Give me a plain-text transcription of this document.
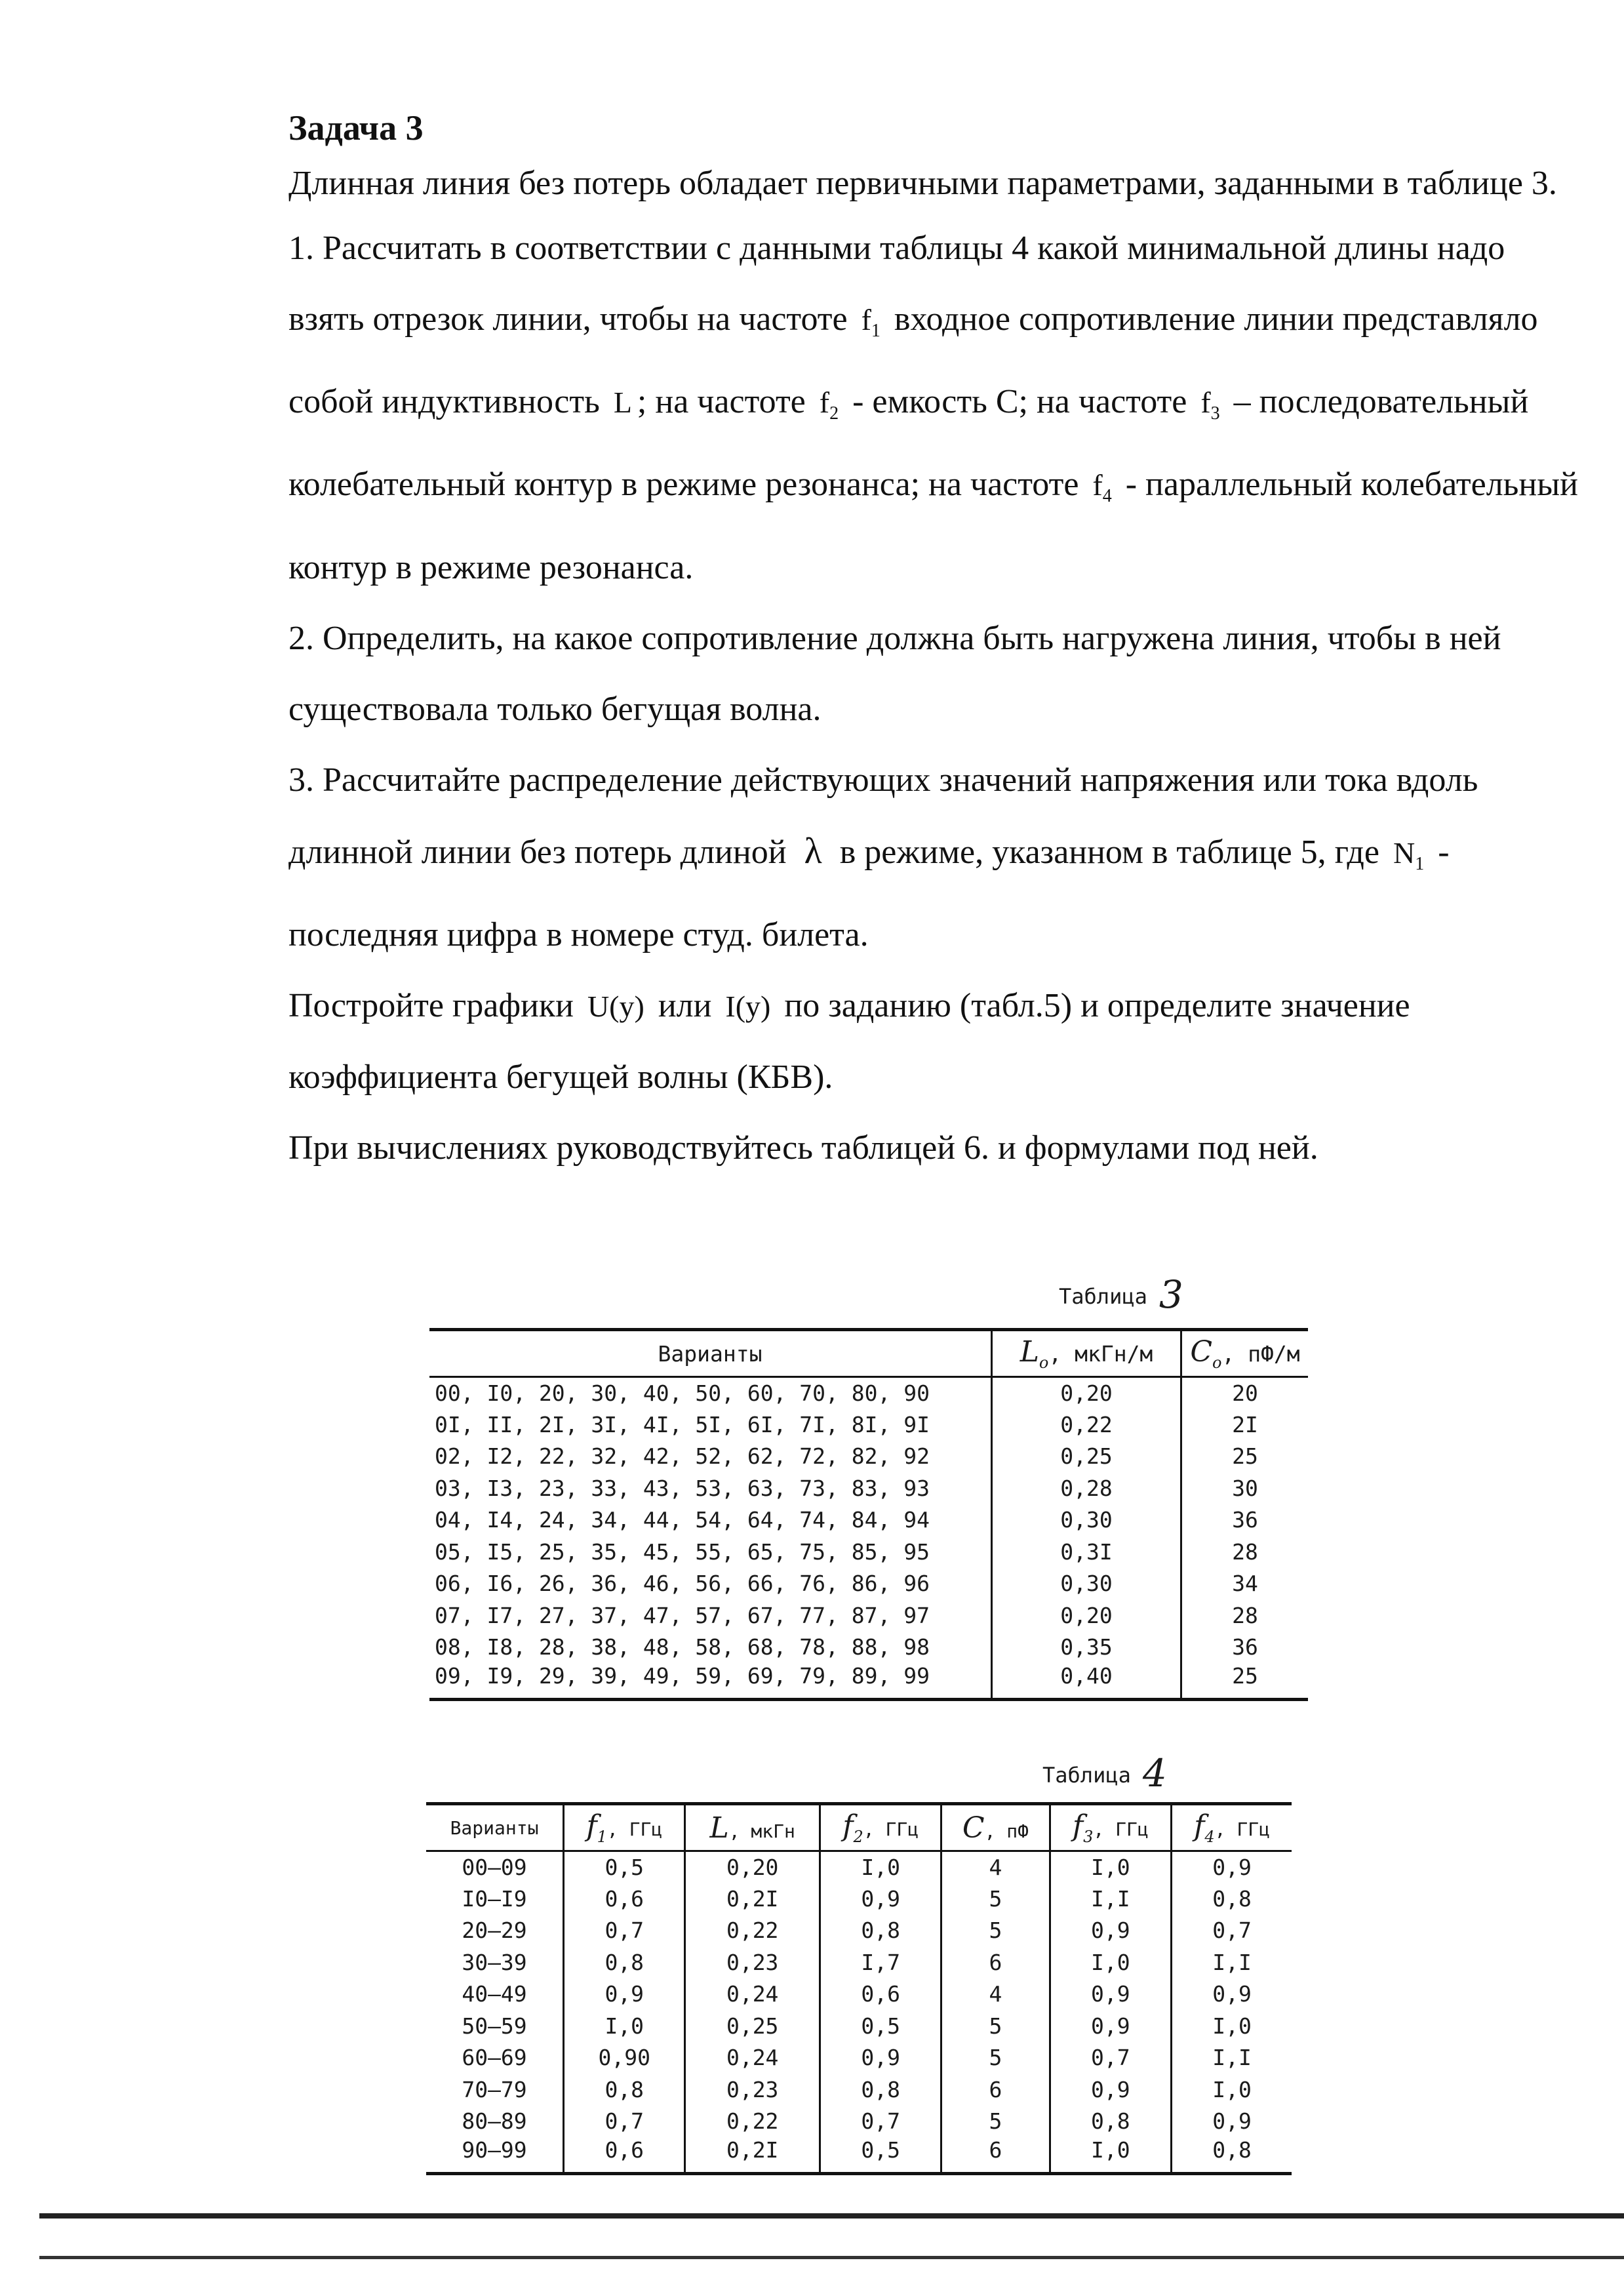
Задача 3

Длинная линия без потерь обладает первичными параметрами, заданными в таблице 3.

1. Рассчитать в соответствии с данными таблицы 4 какой минимальной длины надо взять отрезок линии, чтобы на частоте $f_1$ входное сопротивление линии представляло собой индуктивность L ; на частоте $f_2$ - емкость С; на частоте $f_3$ – последовательный колебательный контур в режиме резонанса; на частоте $f_4$ - параллельный колебательный контур в режиме резонанса.

2. Определить, на какое сопротивление должна быть нагружена линия, чтобы в ней существовала только бегущая волна.

3. Рассчитайте распределение действующих значений напряжения или тока вдоль длинной линии без потерь длиной λ в режиме, указанном в таблице 5, где $N_1$ - последняя цифра в номере студ. билета.

Постройте графики U(y) или I(y) по заданию (табл.5) и определите значение коэффициента бегущей волны (КБВ).

При вычислениях руководствуйтесь таблицей 6. и формулами под ней.

Таблица 3
Варианты	$L_o$, мкГн/м	$C_o$, пФ/м
00, I0, 20, 30, 40, 50, 60, 70, 80, 90	0,20	20
0I, II, 2I, 3I, 4I, 5I, 6I, 7I, 8I, 9I	0,22	2I
02, I2, 22, 32, 42, 52, 62, 72, 82, 92	0,25	25
03, I3, 23, 33, 43, 53, 63, 73, 83, 93	0,28	30
04, I4, 24, 34, 44, 54, 64, 74, 84, 94	0,30	36
05, I5, 25, 35, 45, 55, 65, 75, 85, 95	0,3I	28
06, I6, 26, 36, 46, 56, 66, 76, 86, 96	0,30	34
07, I7, 27, 37, 47, 57, 67, 77, 87, 97	0,20	28
08, I8, 28, 38, 48, 58, 68, 78, 88, 98	0,35	36
09, I9, 29, 39, 49, 59, 69, 79, 89, 99	0,40	25
Таблица 4
Варианты	$f_1$, ГГц	L, мкГн	$f_2$, ГГц	C, пФ	$f_3$, ГГц	$f_4$, ГГц
00–09	0,5	0,20	I,0	4	I,0	0,9
I0–I9	0,6	0,2I	0,9	5	I,I	0,8
20–29	0,7	0,22	0,8	5	0,9	0,7
30–39	0,8	0,23	I,7	6	I,0	I,I
40–49	0,9	0,24	0,6	4	0,9	0,9
50–59	I,0	0,25	0,5	5	0,9	I,0
60–69	0,90	0,24	0,9	5	0,7	I,I
70–79	0,8	0,23	0,8	6	0,9	I,0
80–89	0,7	0,22	0,7	5	0,8	0,9
90–99	0,6	0,2I	0,5	6	I,0	0,8
